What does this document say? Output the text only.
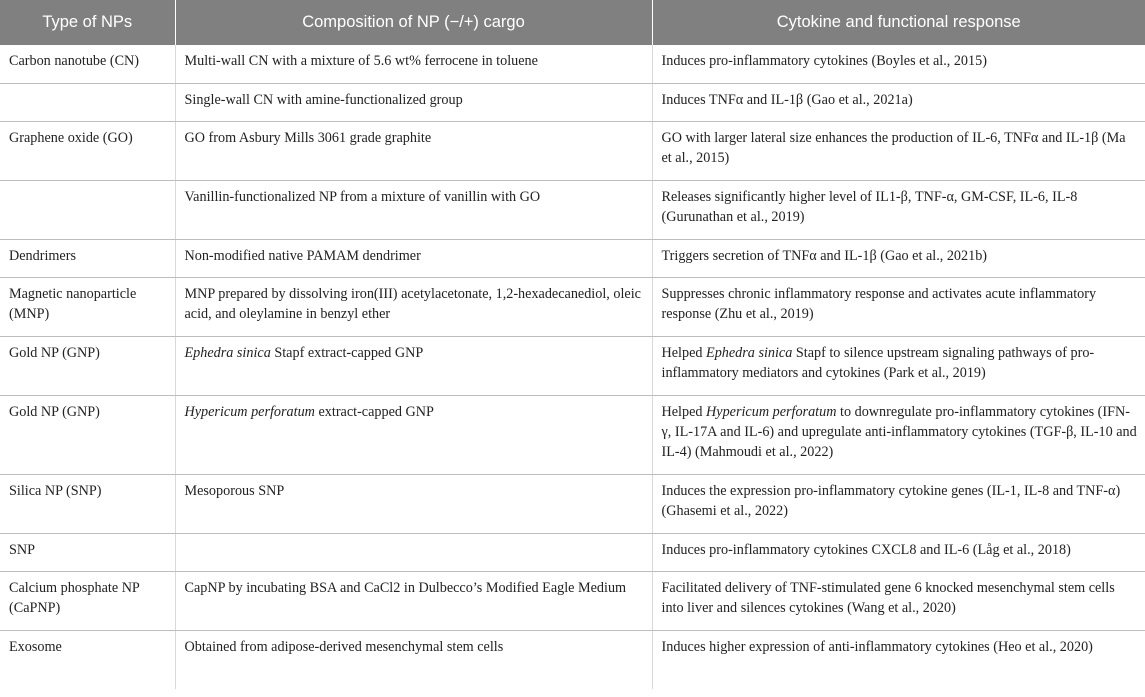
Type of NPs	Composition of NP (−/+) cargo	Cytokine and functional response
Carbon nanotube (CN)	Multi-wall CN with a mixture of 5.6 wt% ferrocene in toluene	Induces pro-inflammatory cytokines (Boyles et al., 2015)
	Single-wall CN with amine-functionalized group	Induces TNFα and IL-1β (Gao et al., 2021a)
Graphene oxide (GO)	GO from Asbury Mills 3061 grade graphite	GO with larger lateral size enhances the production of IL-6, TNFα and IL-1β (Ma et al., 2015)
	Vanillin-functionalized NP from a mixture of vanillin with GO	Releases significantly higher level of IL1-β, TNF-α, GM-CSF, IL-6, IL-8 (Gurunathan et al., 2019)
Dendrimers	Non-modified native PAMAM dendrimer	Triggers secretion of TNFα and IL-1β (Gao et al., 2021b)
Magnetic nanoparticle (MNP)	MNP prepared by dissolving iron(III) acetylacetonate, 1,2-hexadecanediol, oleic acid, and oleylamine in benzyl ether	Suppresses chronic inflammatory response and activates acute inflammatory response (Zhu et al., 2019)
Gold NP (GNP)	Ephedra sinica Stapf extract-capped GNP	Helped Ephedra sinica Stapf to silence upstream signaling pathways of pro-inflammatory mediators and cytokines (Park et al., 2019)
Gold NP (GNP)	Hypericum perforatum extract-capped GNP	Helped Hypericum perforatum to downregulate pro-inflammatory cytokines (IFN-γ, IL-17A and IL-6) and upregulate anti-inflammatory cytokines (TGF-β, IL-10 and IL-4) (Mahmoudi et al., 2022)
Silica NP (SNP)	Mesoporous SNP	Induces the expression pro-inflammatory cytokine genes (IL-1, IL-8 and TNF-α) (Ghasemi et al., 2022)
SNP		Induces pro-inflammatory cytokines CXCL8 and IL-6 (Låg et al., 2018)
Calcium phosphate NP (CaPNP)	CapNP by incubating BSA and CaCl2 in Dulbecco’s Modified Eagle Medium	Facilitated delivery of TNF-stimulated gene 6 knocked mesenchymal stem cells into liver and silences cytokines (Wang et al., 2020)
Exosome	Obtained from adipose-derived mesenchymal stem cells	Induces higher expression of anti-inflammatory cytokines (Heo et al., 2020)
